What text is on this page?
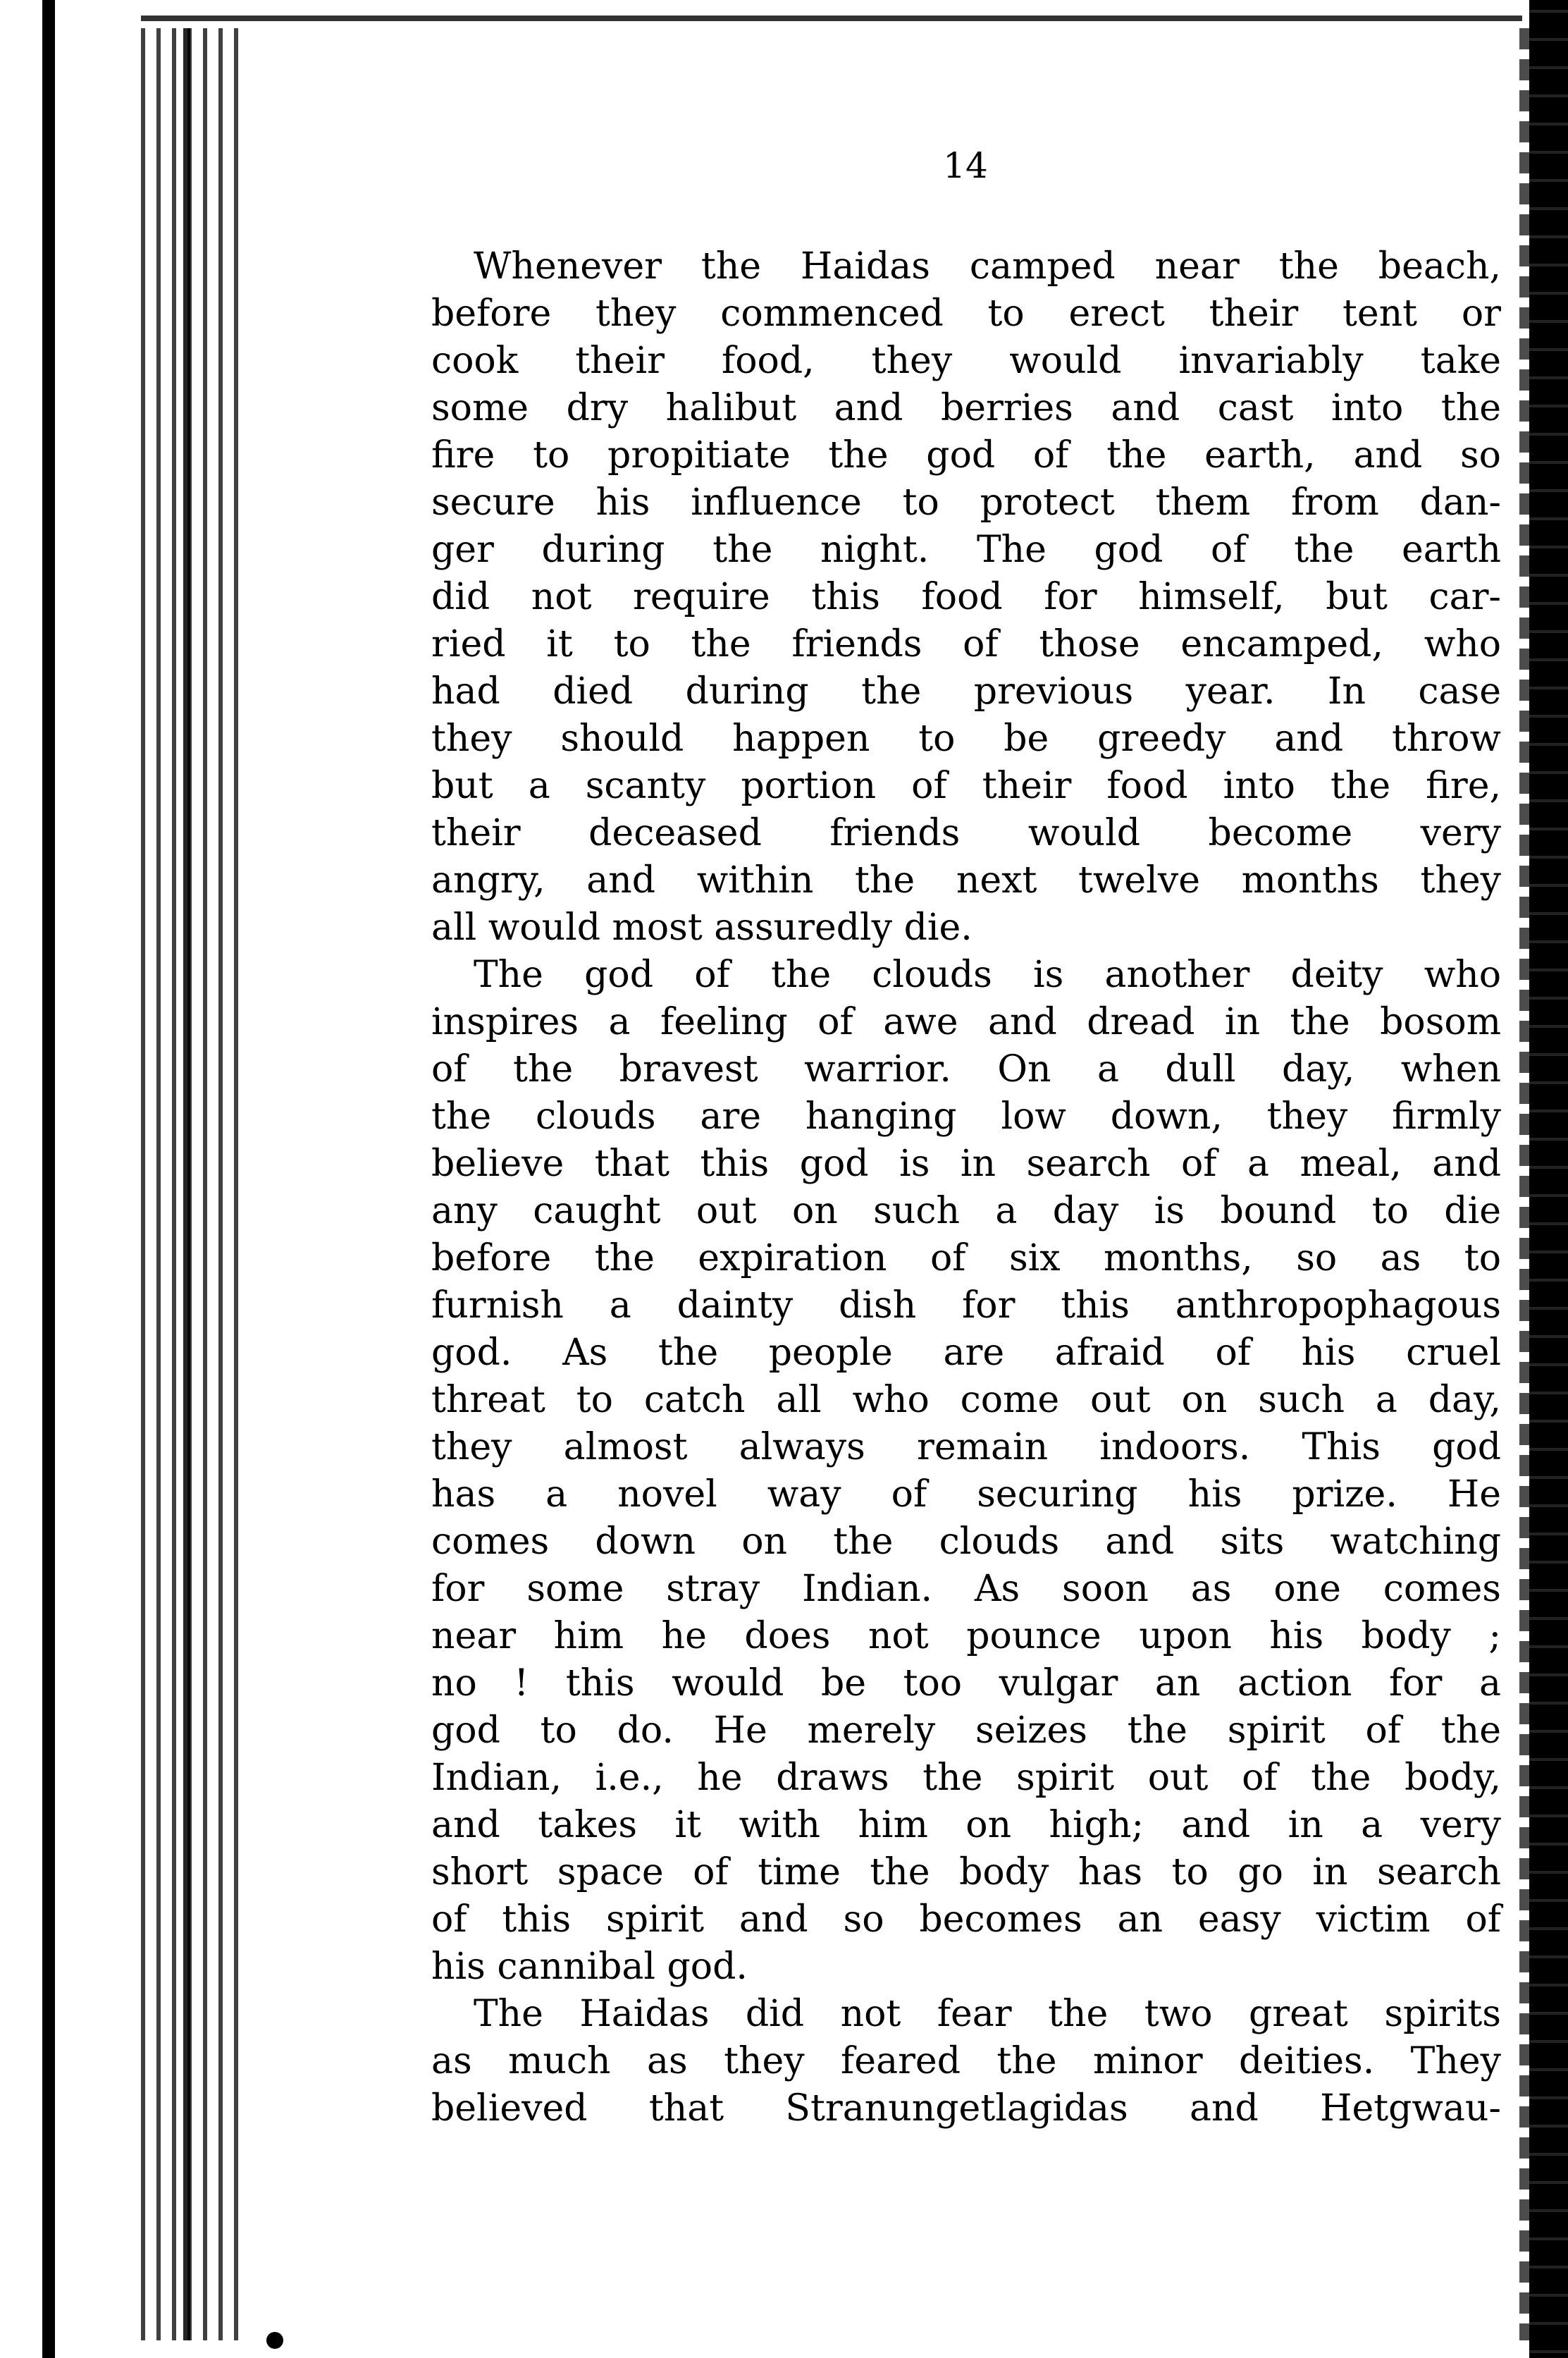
14
Whenever the Haidas camped near the beach,
before they commenced to erect their tent or
cook their food, they would invariably take
some dry halibut and berries and cast into the
fire to propitiate the god of the earth, and so
secure his influence to protect them from dan-
ger during the night. The god of the earth
did not require this food for himself, but car-
ried it to the friends of those encamped, who
had died during the previous year. In case
they should happen to be greedy and throw
but a scanty portion of their food into the fire,
their deceased friends would become very
angry, and within the next twelve months they
all would most assuredly die.
The god of the clouds is another deity who
inspires a feeling of awe and dread in the bosom
of the bravest warrior. On a dull day, when
the clouds are hanging low down, they firmly
believe that this god is in search of a meal, and
any caught out on such a day is bound to die
before the expiration of six months, so as to
furnish a dainty dish for this anthropophagous
god. As the people are afraid of his cruel
threat to catch all who come out on such a day,
they almost always remain indoors. This god
has a novel way of securing his prize. He
comes down on the clouds and sits watching
for some stray Indian. As soon as one comes
near him he does not pounce upon his body ;
no ! this would be too vulgar an action for a
god to do. He merely seizes the spirit of the
Indian, i.e., he draws the spirit out of the body,
and takes it with him on high; and in a very
short space of time the body has to go in search
of this spirit and so becomes an easy victim of
his cannibal god.
The Haidas did not fear the two great spirits
as much as they feared the minor deities. They
believed that Stranungetlagidas and Hetgwau-
